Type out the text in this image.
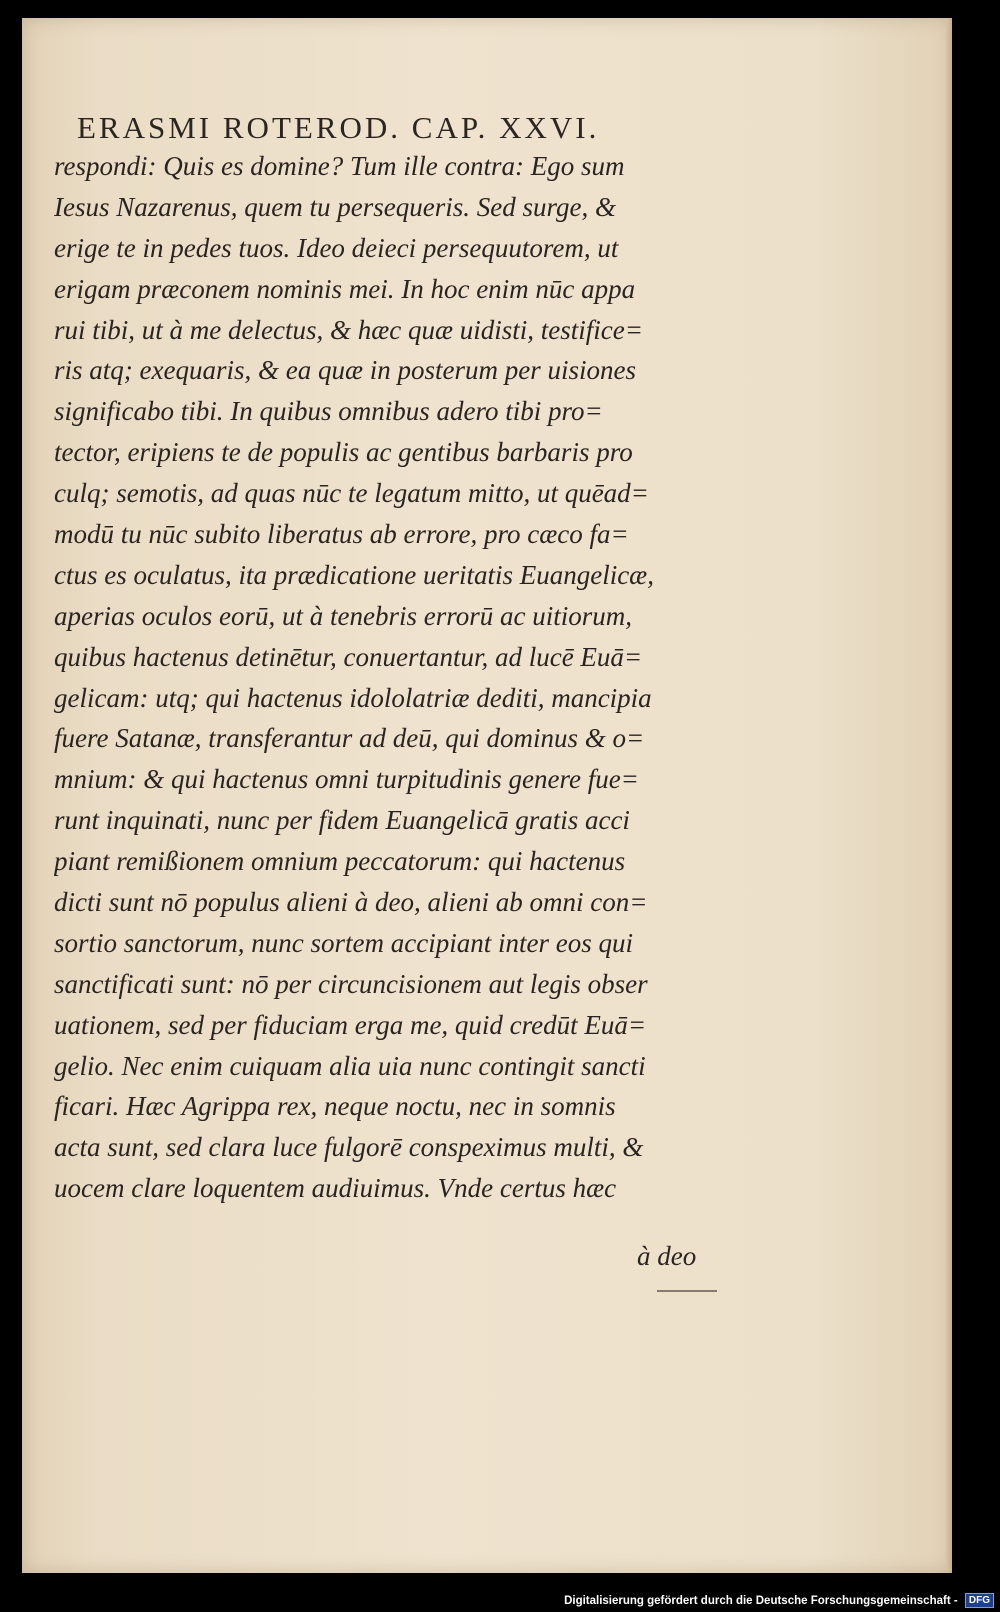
ERASMI ROTEROD. CAP. XXVI.
respondi: Quis es domine? Tum ille contra: Ego sum
Iesus Nazarenus, quem tu persequeris. Sed surge, &
erige te in pedes tuos. Ideo deieci persequutorem, ut
erigam præconem nominis mei. In hoc enim nūc appa
rui tibi, ut à me delectus, & hæc quæ uidisti, testifice=
ris atq; exequaris, & ea quæ in posterum per uisiones
significabo tibi. In quibus omnibus adero tibi pro=
tector, eripiens te de populis ac gentibus barbaris pro
culq; semotis, ad quas nūc te legatum mitto, ut quēad=
modū tu nūc subito liberatus ab errore, pro cæco fa=
ctus es oculatus, ita prædicatione ueritatis Euangelicæ,
aperias oculos eorū, ut à tenebris errorū ac uitiorum,
quibus hactenus detinētur, conuertantur, ad lucē Euā=
gelicam: utq; qui hactenus idololatriæ dediti, mancipia
fuere Satanæ, transferantur ad deū, qui dominus & o=
mnium: & qui hactenus omni turpitudinis genere fue=
runt inquinati, nunc per fidem Euangelicā gratis acci
piant remißionem omnium peccatorum: qui hactenus
dicti sunt nō populus alieni à deo, alieni ab omni con=
sortio sanctorum, nunc sortem accipiant inter eos qui
sanctificati sunt: nō per circuncisionem aut legis obser
uationem, sed per fiduciam erga me, quid credūt Euā=
gelio. Nec enim cuiquam alia uia nunc contingit sancti
ficari. Hæc Agrippa rex, neque noctu, nec in somnis
acta sunt, sed clara luce fulgorē conspeximus multi, &
uocem clare loquentem audiuimus. Vnde certus hæc
à deo
Digitalisierung gefördert durch die Deutsche Forschungsgemeinschaft - DFG
